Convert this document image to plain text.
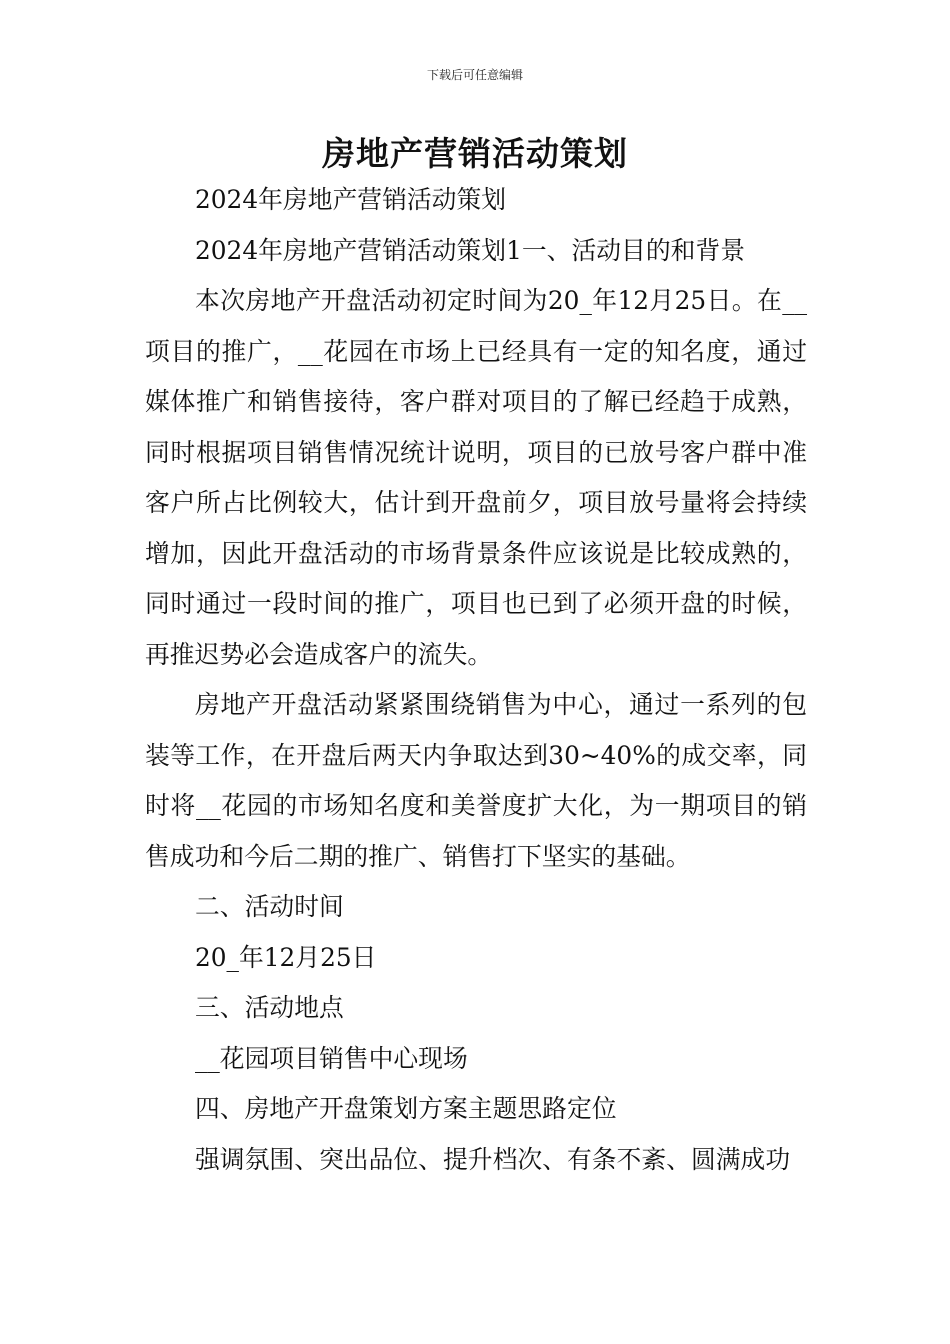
下载后可任意编辑
房地产营销活动策划

2024年房地产营销活动策划

2024年房地产营销活动策划1一、活动目的和背景

本次房地产开盘活动初定时间为20_年12月25日。在__项目的推广，__花园在市场上已经具有一定的知名度，通过媒体推广和销售接待，客户群对项目的了解已经趋于成熟，同时根据项目销售情况统计说明，项目的已放号客户群中准客户所占比例较大，估计到开盘前夕，项目放号量将会持续增加，因此开盘活动的市场背景条件应该说是比较成熟的，同时通过一段时间的推广，项目也已到了必须开盘的时候，再推迟势必会造成客户的流失。

房地产开盘活动紧紧围绕销售为中心，通过一系列的包装等工作，在开盘后两天内争取达到30~40%的成交率，同时将__花园的市场知名度和美誉度扩大化，为一期项目的销售成功和今后二期的推广、销售打下坚实的基础。

二、活动时间

20_年12月25日

三、活动地点

__花园项目销售中心现场

四、房地产开盘策划方案主题思路定位

强调氛围、突出品位、提升档次、有条不紊、圆满成功
